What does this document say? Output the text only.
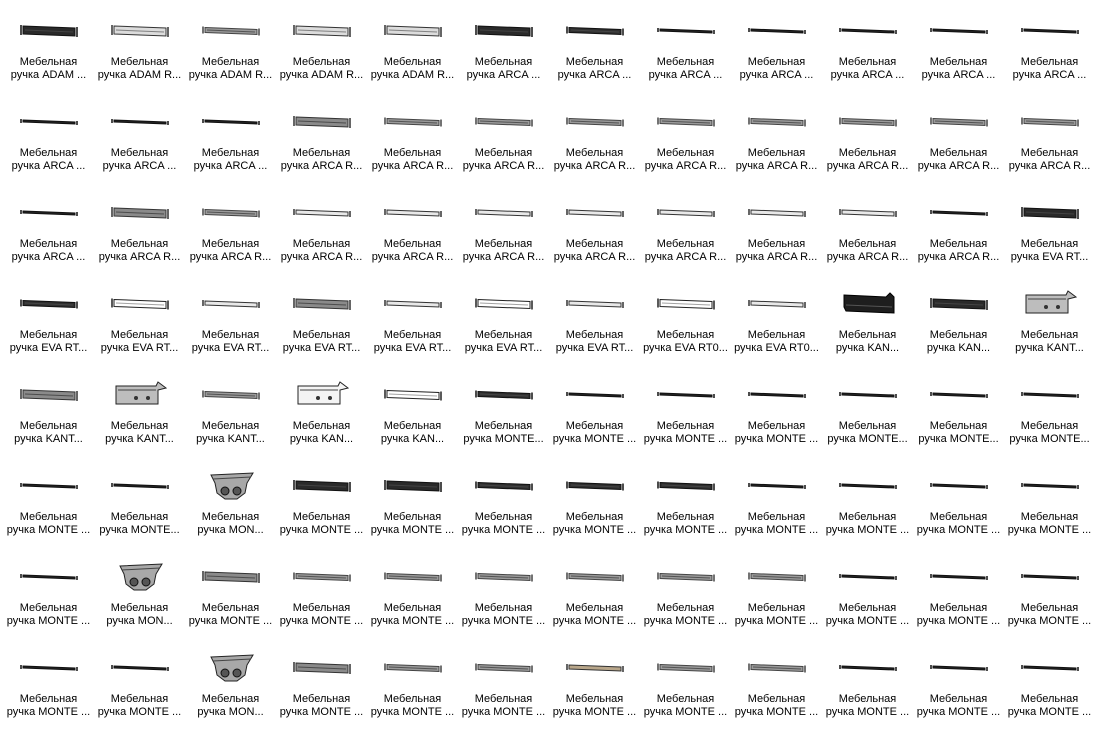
Мебельная
ручка ADAM ...
Мебельная
ручка ADAM R...
Мебельная
ручка ADAM R...
Мебельная
ручка ADAM R...
Мебельная
ручка ADAM R...
Мебельная
ручка ARCA ...
Мебельная
ручка ARCA ...
Мебельная
ручка ARCA ...
Мебельная
ручка ARCA ...
Мебельная
ручка ARCA ...
Мебельная
ручка ARCA ...
Мебельная
ручка ARCA ...
Мебельная
ручка ARCA ...
Мебельная
ручка ARCA ...
Мебельная
ручка ARCA ...
Мебельная
ручка ARCA R...
Мебельная
ручка ARCA R...
Мебельная
ручка ARCA R...
Мебельная
ручка ARCA R...
Мебельная
ручка ARCA R...
Мебельная
ручка ARCA R...
Мебельная
ручка ARCA R...
Мебельная
ручка ARCA R...
Мебельная
ручка ARCA R...
Мебельная
ручка ARCA ...
Мебельная
ручка ARCA R...
Мебельная
ручка ARCA R...
Мебельная
ручка ARCA R...
Мебельная
ручка ARCA R...
Мебельная
ручка ARCA R...
Мебельная
ручка ARCA R...
Мебельная
ручка ARCA R...
Мебельная
ручка ARCA R...
Мебельная
ручка ARCA R...
Мебельная
ручка ARCA R...
Мебельная
ручка EVA RT...
Мебельная
ручка EVA RT...
Мебельная
ручка EVA RT...
Мебельная
ручка EVA RT...
Мебельная
ручка EVA RT...
Мебельная
ручка EVA RT...
Мебельная
ручка EVA RT...
Мебельная
ручка EVA RT...
Мебельная
ручка EVA RT0...
Мебельная
ручка EVA RT0...
Мебельная
ручка KAN...
Мебельная
ручка KAN...
Мебельная
ручка KANT...
Мебельная
ручка KANT...
Мебельная
ручка KANT...
Мебельная
ручка KANT...
Мебельная
ручка KAN...
Мебельная
ручка KAN...
Мебельная
ручка MONTE...
Мебельная
ручка MONTE ...
Мебельная
ручка MONTE ...
Мебельная
ручка MONTE ...
Мебельная
ручка MONTE...
Мебельная
ручка MONTE...
Мебельная
ручка MONTE...
Мебельная
ручка MONTE ...
Мебельная
ручка MONTE...
Мебельная
ручка MON...
Мебельная
ручка MONTE ...
Мебельная
ручка MONTE ...
Мебельная
ручка MONTE ...
Мебельная
ручка MONTE ...
Мебельная
ручка MONTE ...
Мебельная
ручка MONTE ...
Мебельная
ручка MONTE ...
Мебельная
ручка MONTE ...
Мебельная
ручка MONTE ...
Мебельная
ручка MONTE ...
Мебельная
ручка MON...
Мебельная
ручка MONTE ...
Мебельная
ручка MONTE ...
Мебельная
ручка MONTE ...
Мебельная
ручка MONTE ...
Мебельная
ручка MONTE ...
Мебельная
ручка MONTE ...
Мебельная
ручка MONTE ...
Мебельная
ручка MONTE ...
Мебельная
ручка MONTE ...
Мебельная
ручка MONTE ...
Мебельная
ручка MONTE ...
Мебельная
ручка MONTE ...
Мебельная
ручка MON...
Мебельная
ручка MONTE ...
Мебельная
ручка MONTE ...
Мебельная
ручка MONTE ...
Мебельная
ручка MONTE ...
Мебельная
ручка MONTE ...
Мебельная
ручка MONTE ...
Мебельная
ручка MONTE ...
Мебельная
ручка MONTE ...
Мебельная
ручка MONTE ...
